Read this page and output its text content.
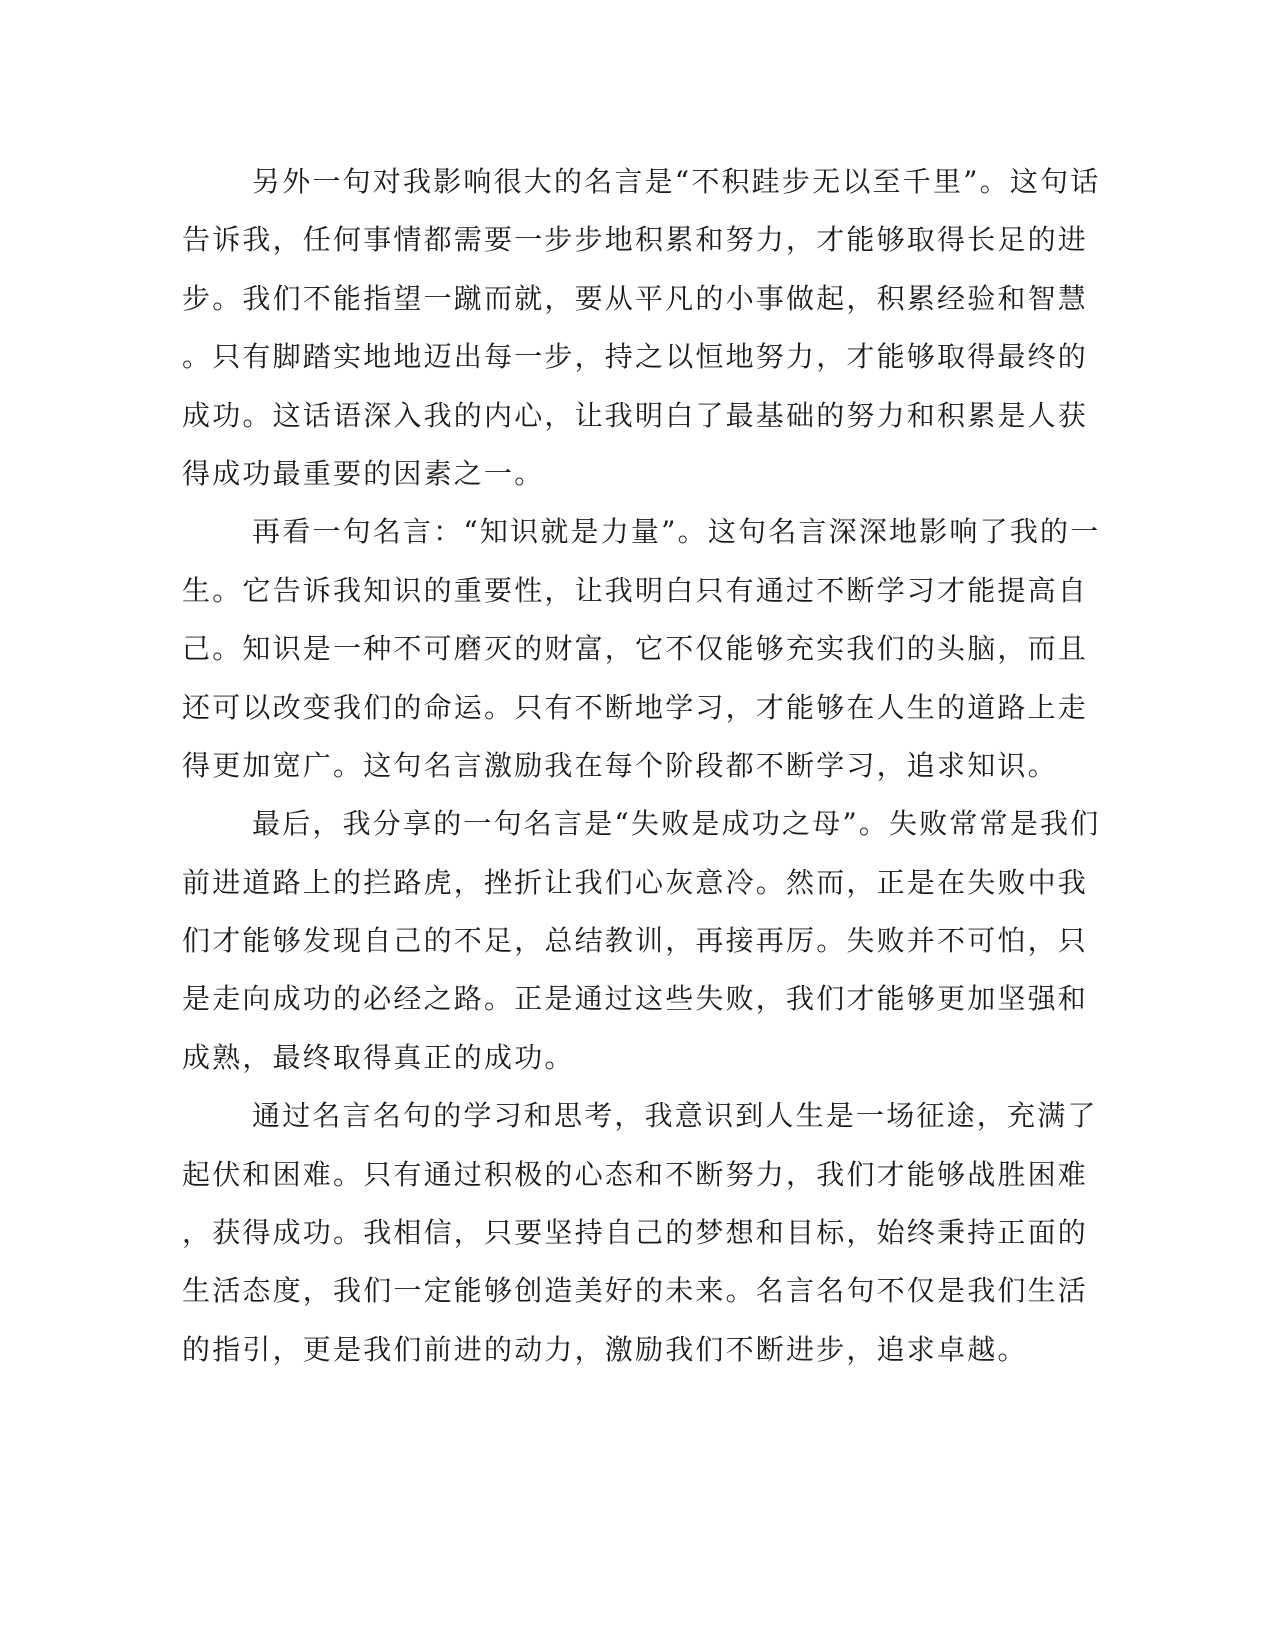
另外一句对我影响很大的名言是“不积跬步无以至千里”。这句话
告诉我，任何事情都需要一步步地积累和努力，才能够取得长足的进
步。我们不能指望一蹴而就，要从平凡的小事做起，积累经验和智慧
。只有脚踏实地地迈出每一步，持之以恒地努力，才能够取得最终的
成功。这话语深入我的内心，让我明白了最基础的努力和积累是人获
得成功最重要的因素之一。
再看一句名言：“知识就是力量”。这句名言深深地影响了我的一
生。它告诉我知识的重要性，让我明白只有通过不断学习才能提高自
己。知识是一种不可磨灭的财富，它不仅能够充实我们的头脑，而且
还可以改变我们的命运。只有不断地学习，才能够在人生的道路上走
得更加宽广。这句名言激励我在每个阶段都不断学习，追求知识。
最后，我分享的一句名言是“失败是成功之母”。失败常常是我们
前进道路上的拦路虎，挫折让我们心灰意冷。然而，正是在失败中我
们才能够发现自己的不足，总结教训，再接再厉。失败并不可怕，只
是走向成功的必经之路。正是通过这些失败，我们才能够更加坚强和
成熟，最终取得真正的成功。
通过名言名句的学习和思考，我意识到人生是一场征途，充满了
起伏和困难。只有通过积极的心态和不断努力，我们才能够战胜困难
，获得成功。我相信，只要坚持自己的梦想和目标，始终秉持正面的
生活态度，我们一定能够创造美好的未来。名言名句不仅是我们生活
的指引，更是我们前进的动力，激励我们不断进步，追求卓越。
